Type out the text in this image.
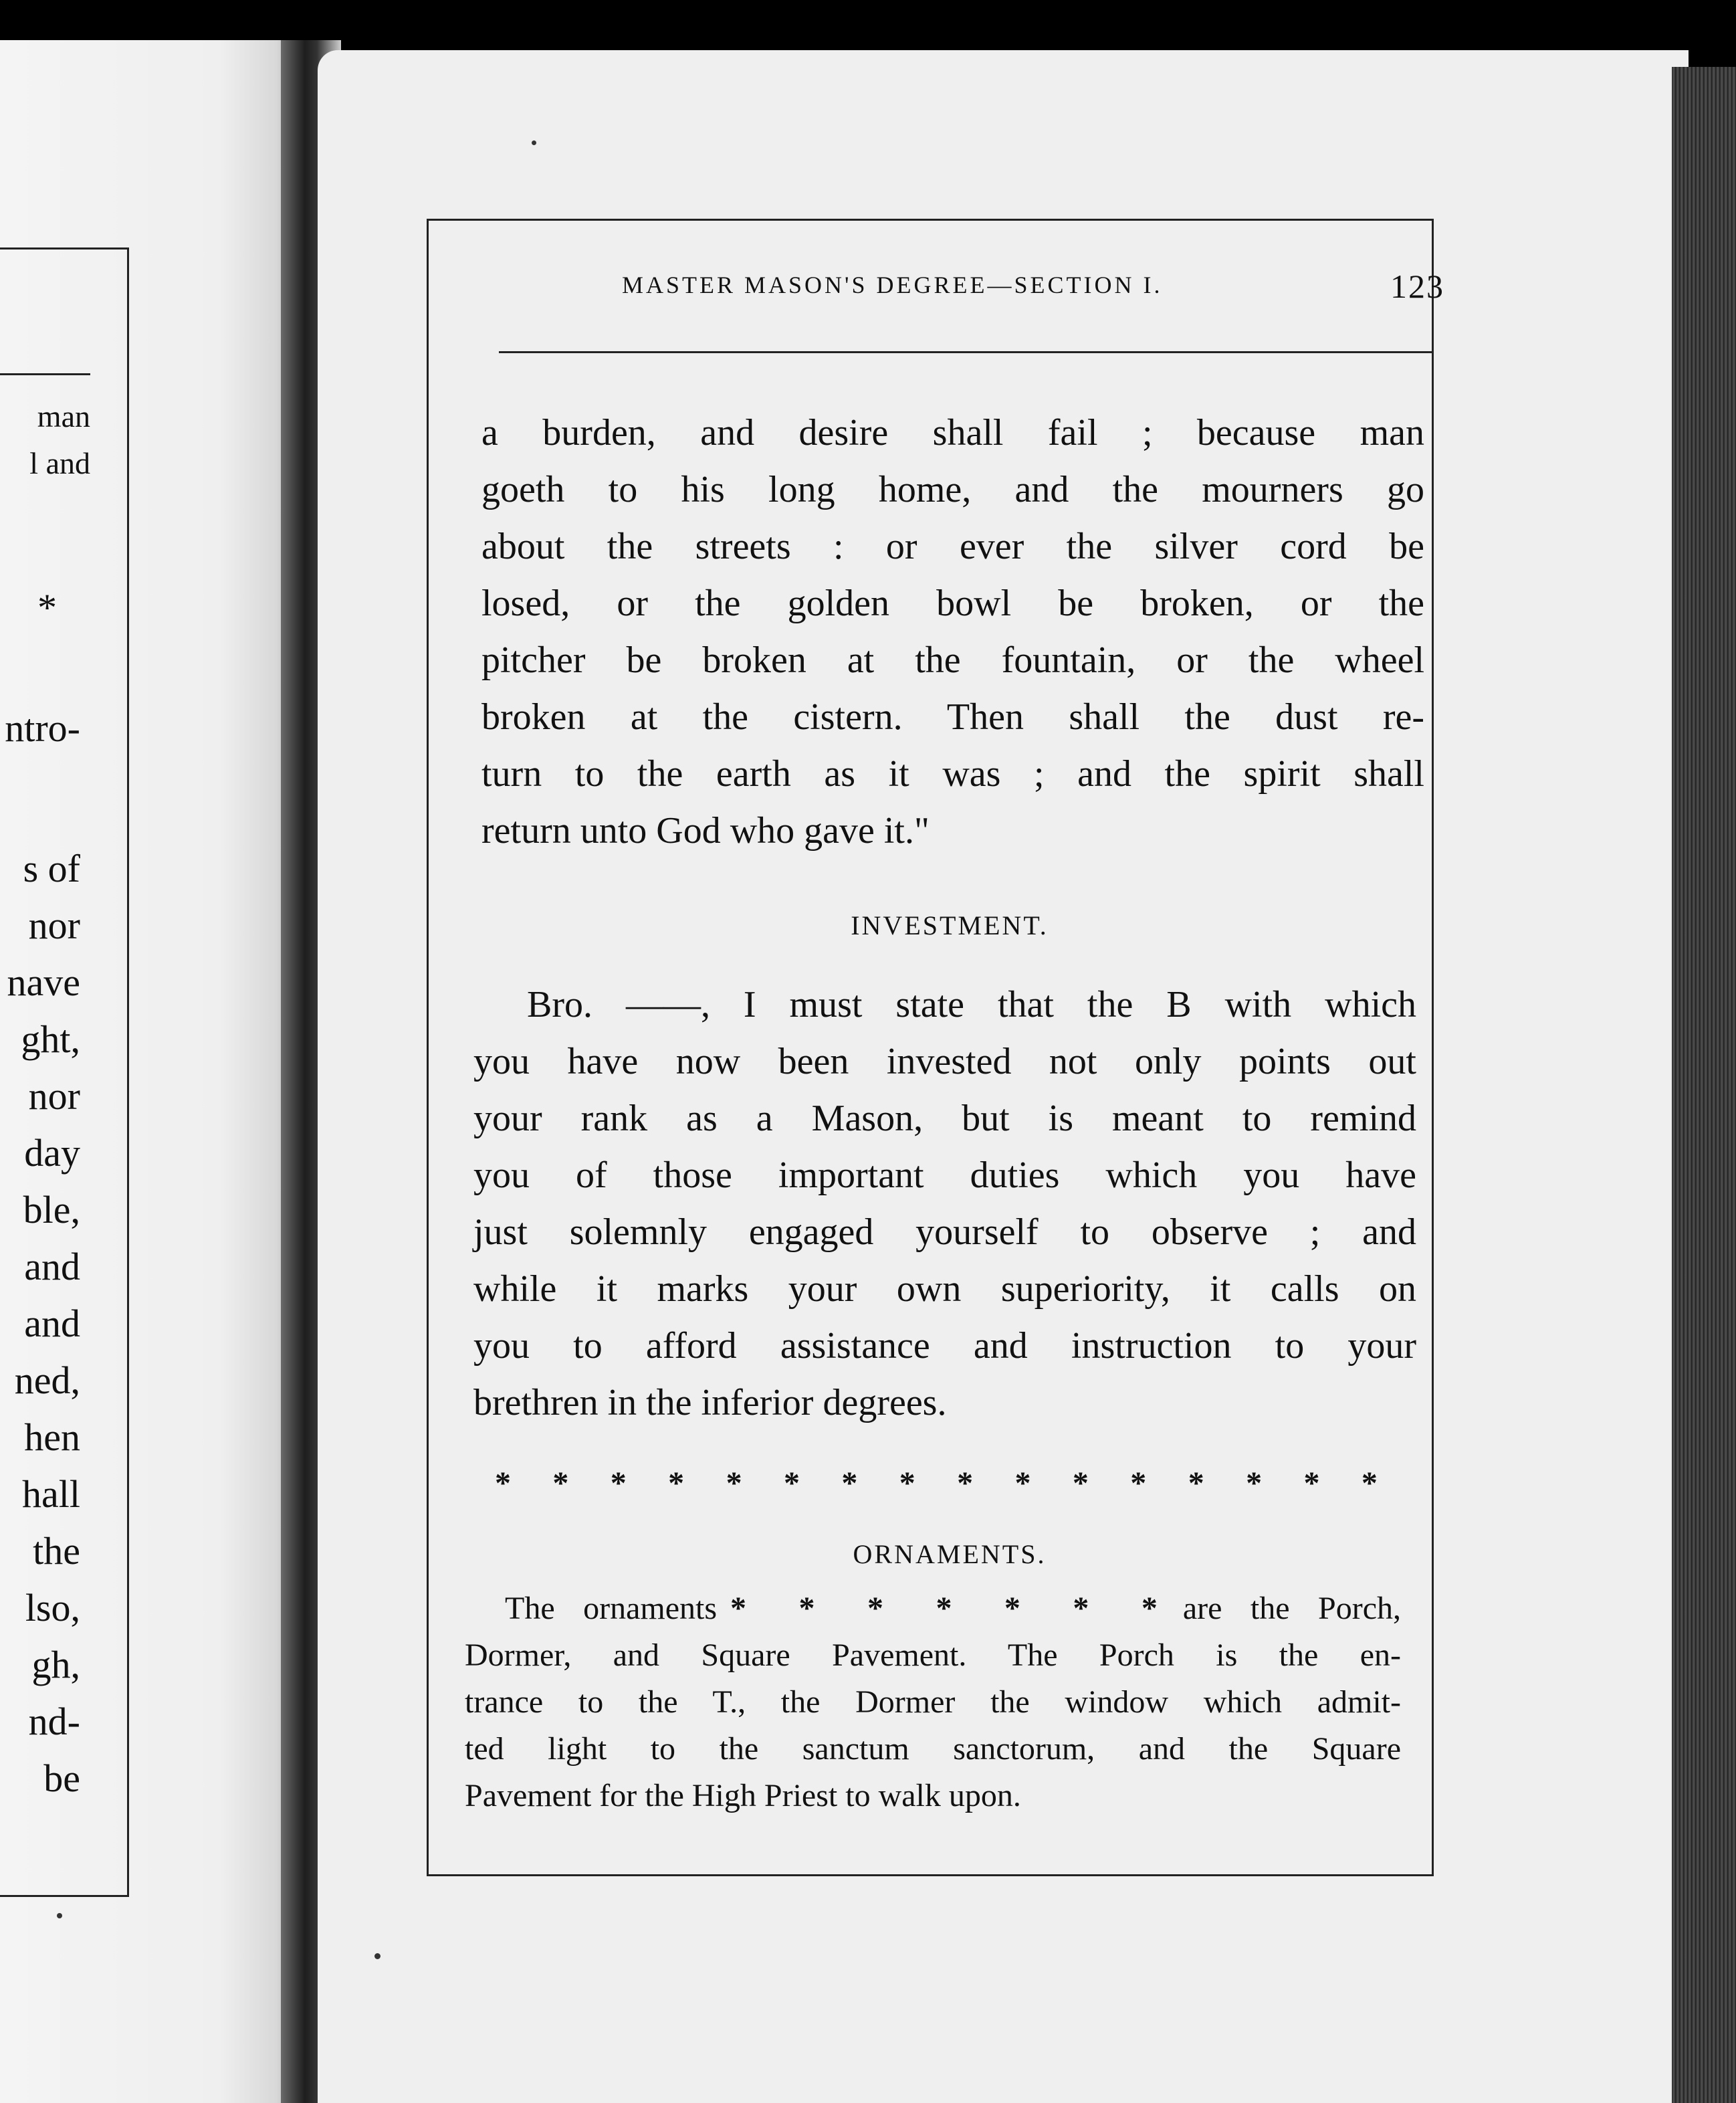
man
l and
*
ntro-
s of
nor
nave
ght,
nor
day
ble,
and
and
ned,
hen
hall
the
lso,
gh,
nd-
be
MASTER MASON'S DEGREE—SECTION I.	123
a burden, and desire shall fail ; because man
goeth to his long home, and the mourners go
about the streets : or ever the silver cord be
losed, or the golden bowl be broken, or the
pitcher be broken at the fountain, or the wheel
broken at the cistern. Then shall the dust re-
turn to the earth as it was ; and the spirit shall
return unto God who gave it."
INVESTMENT.
Bro. ——, I must state that the B with which
you have now been invested not only points out
your rank as a Mason, but is meant to remind
you of those important duties which you have
just solemnly engaged yourself to observe ; and
while it marks your own superiority, it calls on
you to afford assistance and instruction to your
brethren in the inferior degrees.
* * * * * * * * * * * * * * * *
ORNAMENTS.
The ornaments * * * * * * * are the Porch,
Dormer, and Square Pavement. The Porch is the en-
trance to the T., the Dormer the window which admit-
ted light to the sanctum sanctorum, and the Square
Pavement for the High Priest to walk upon.
